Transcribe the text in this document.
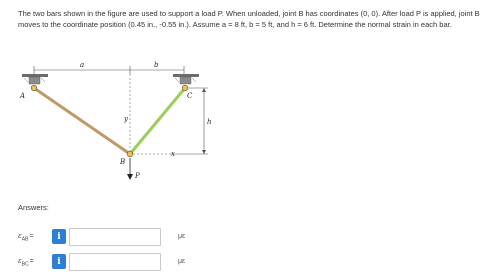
The two bars shown in the figure are used to support a load P. When unloaded, joint B has coordinates (0, 0). After load P is applied, joint B moves to the coordinate position (0.45 in., -0.55 in.). Assume a = 8 ft, b = 5 ft, and h = 6 ft. Determine the normal strain in each bar.
a	b
y
x
P
A
B
C
h
Answers:
$\varepsilon_{AB}=$	i	με
$\varepsilon_{BC}=$	i	με
